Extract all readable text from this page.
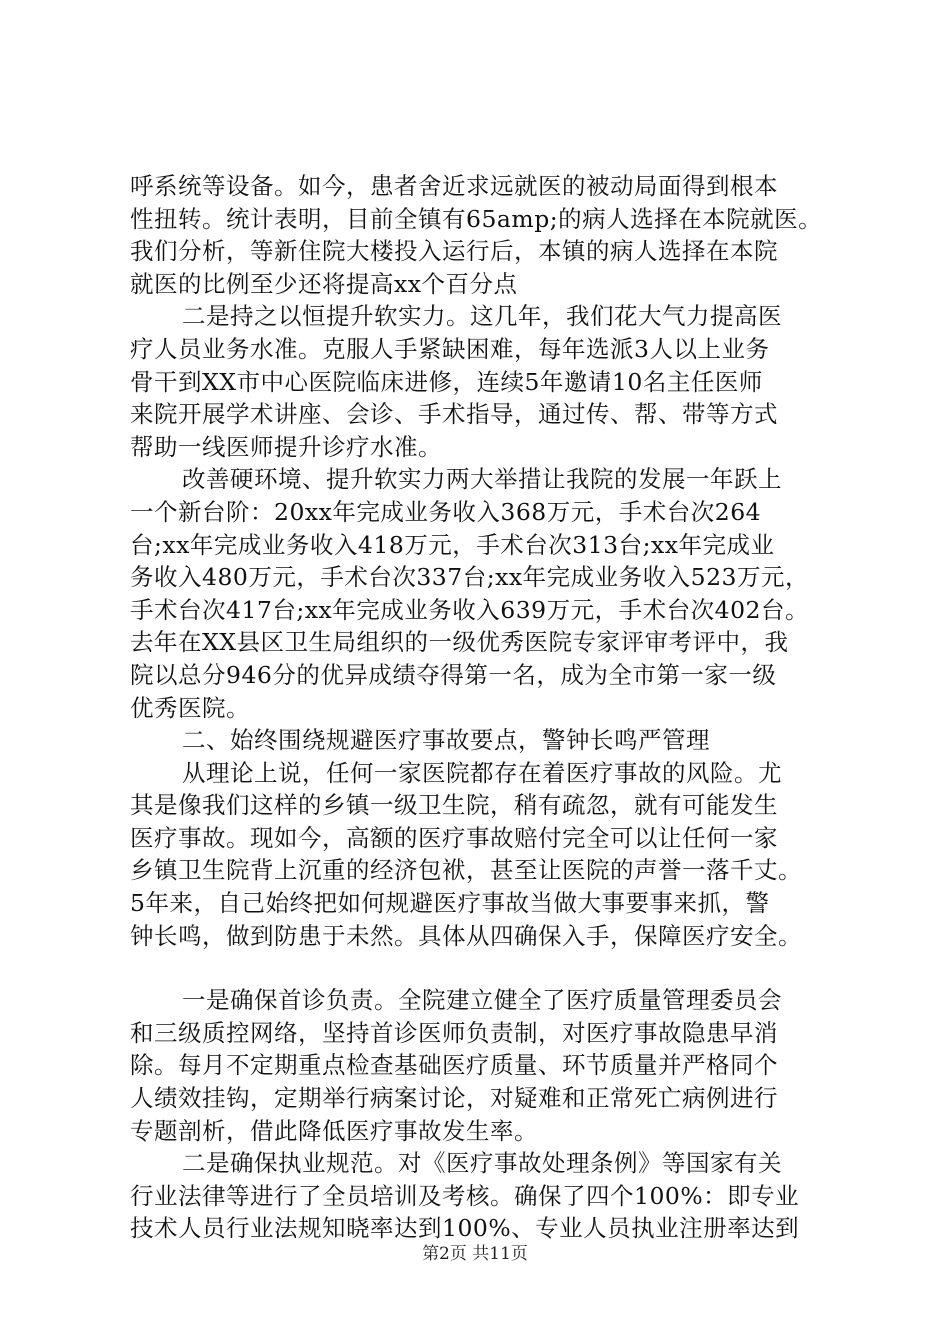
呼系统等设备。如今，患者舍近求远就医的被动局面得到根本
性扭转。统计表明，目前全镇有65amp;的病人选择在本院就医。
我们分析，等新住院大楼投入运行后，本镇的病人选择在本院
就医的比例至少还将提高xx个百分点
二是持之以恒提升软实力。这几年，我们花大气力提高医
疗人员业务水准。克服人手紧缺困难，每年选派3人以上业务
骨干到XX市中心医院临床进修，连续5年邀请10名主任医师
来院开展学术讲座、会诊、手术指导，通过传、帮、带等方式
帮助一线医师提升诊疗水准。
改善硬环境、提升软实力两大举措让我院的发展一年跃上
一个新台阶：20xx年完成业务收入368万元，手术台次264
台;xx年完成业务收入418万元，手术台次313台;xx年完成业
务收入480万元，手术台次337台;xx年完成业务收入523万元，
手术台次417台;xx年完成业务收入639万元，手术台次402台。
去年在XX县区卫生局组织的一级优秀医院专家评审考评中，我
院以总分946分的优异成绩夺得第一名，成为全市第一家一级
优秀医院。
二、始终围绕规避医疗事故要点，警钟长鸣严管理
从理论上说，任何一家医院都存在着医疗事故的风险。尤
其是像我们这样的乡镇一级卫生院，稍有疏忽，就有可能发生
医疗事故。现如今，高额的医疗事故赔付完全可以让任何一家
乡镇卫生院背上沉重的经济包袱，甚至让医院的声誉一落千丈。
5年来，自己始终把如何规避医疗事故当做大事要事来抓，警
钟长鸣，做到防患于未然。具体从四确保入手，保障医疗安全。
一是确保首诊负责。全院建立健全了医疗质量管理委员会
和三级质控网络，坚持首诊医师负责制，对医疗事故隐患早消
除。每月不定期重点检查基础医疗质量、环节质量并严格同个
人绩效挂钩，定期举行病案讨论，对疑难和正常死亡病例进行
专题剖析，借此降低医疗事故发生率。
二是确保执业规范。对《医疗事故处理条例》等国家有关
行业法律等进行了全员培训及考核。确保了四个100%：即专业
技术人员行业法规知晓率达到100%、专业人员执业注册率达到
第2页 共11页
